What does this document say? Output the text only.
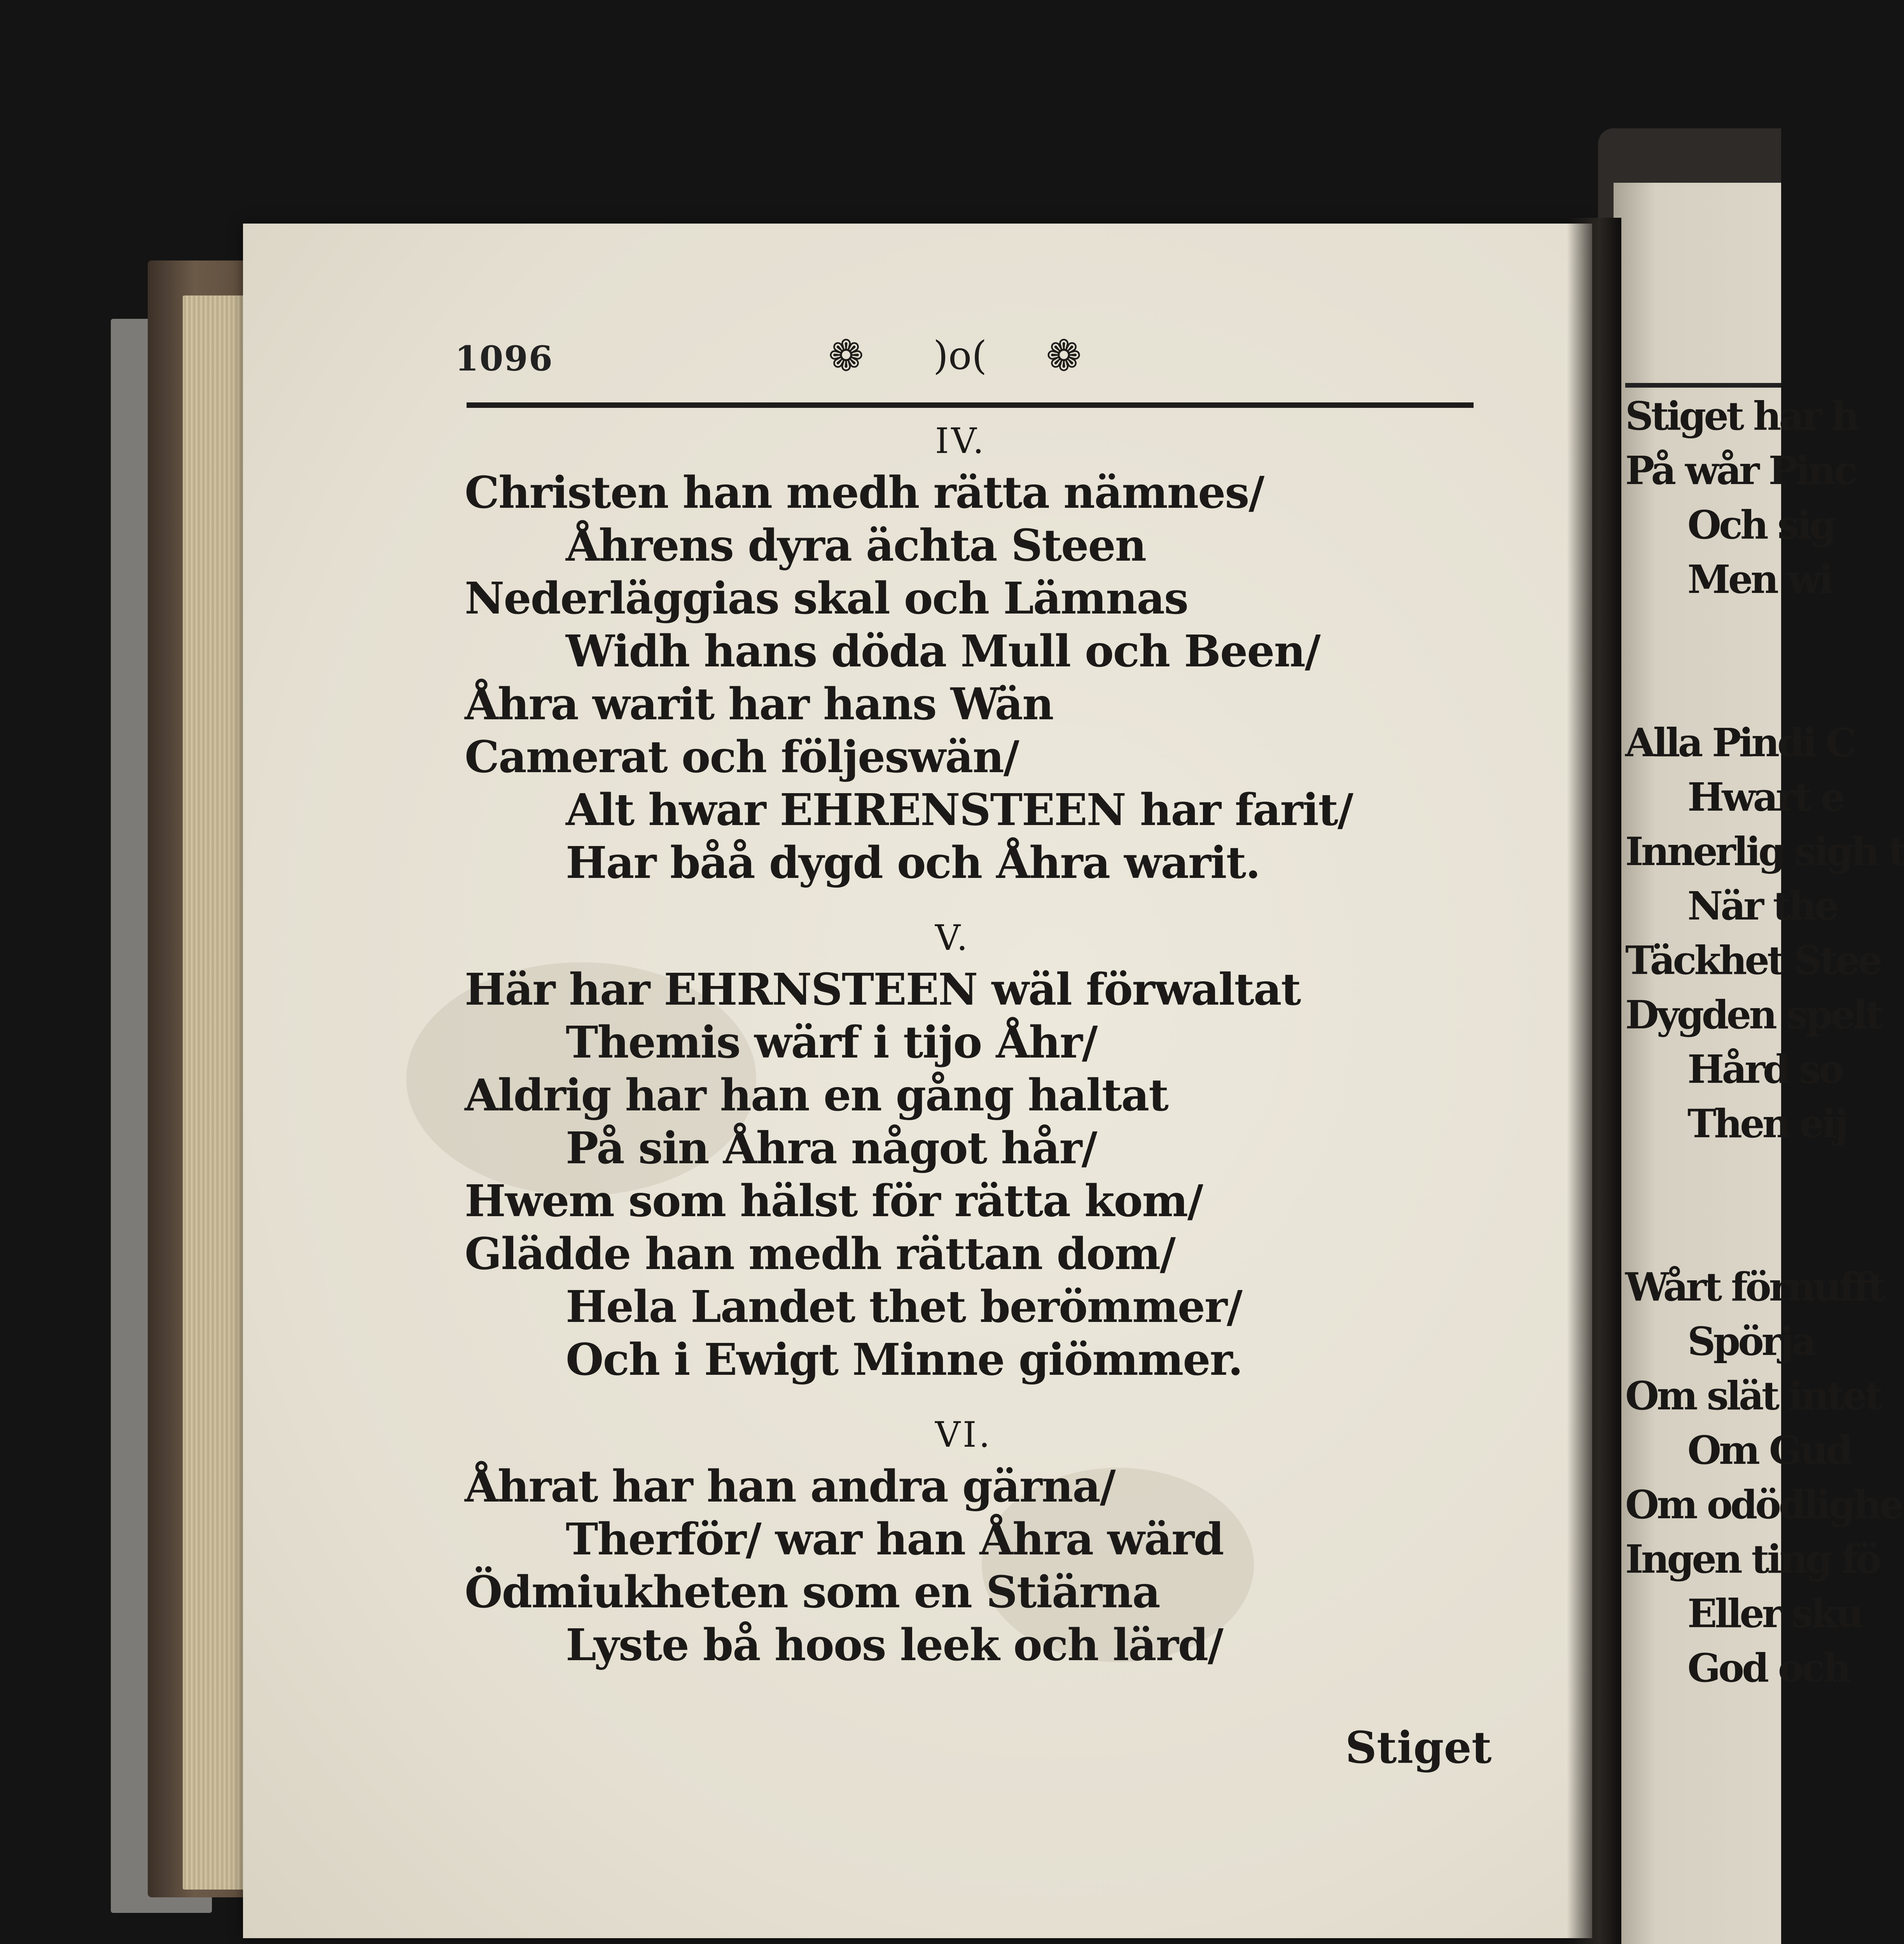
1096	❁ )o( ❁
IV.
Christen han medh rätta nämnes/
Åhrens dyra ächta Steen
Nederläggias skal och Lämnas
Widh hans döda Mull och Been/
Åhra warit har hans Wän
Camerat och följeswän/
Alt hwar EHRENSTEEN har farit/
Har båå dygd och Åhra warit.
V.
Här har EHRNSTEEN wäl förwaltat
Themis wärf i tijo Åhr/
Aldrig har han en gång haltat
På sin Åhra något hår/
Hwem som hälst för rätta kom/
Glädde han medh rättan dom/
Hela Landet thet berömmer/
Och i Ewigt Minne giömmer.
VI.
Åhrat har han andra gärna/
Therför/ war han Åhra wärd
Ödmiukheten som en Stiärna
Lyste bå hoos leek och lärd/
Stiget
Stiget har h
På wår Pinc
Och sig
Men wi

Alla Pindi C
Hwart e
Innerlig sigh t
När the
Täckhet Stee
Dygden spelt
Hård so
Then eij

Wårt förnufft
Spörja
Om slät intet
Om Gud
Om odödlighe
Ingen ting fö
Eller sku
God och
